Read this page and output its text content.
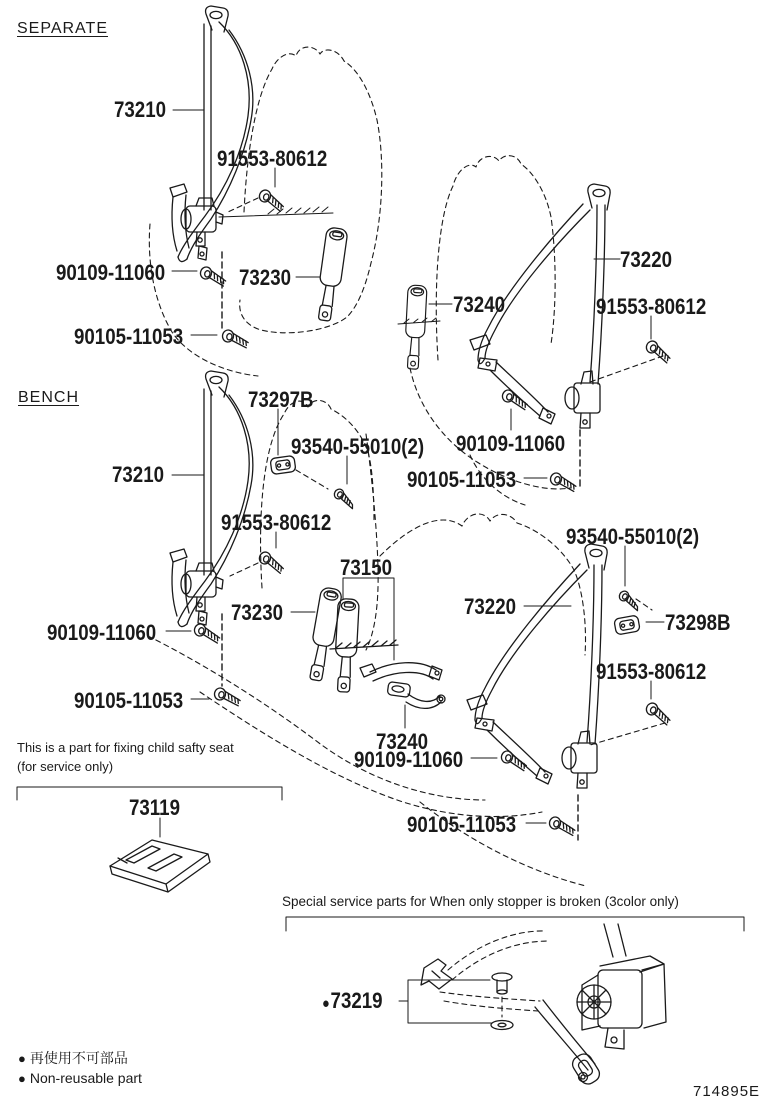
SEPARATE
BENCH
73210
91553-80612
90109-11060	73230
90105-11053
73220
73240	91553-80612
90109-11060
90105-11053
73297B
93540-55010(2)
73210
91553-80612
73150
73230
90109-11060
90105-11053
73220
93540-55010(2)
73298B
91553-80612
73240
90109-11060
90105-11053
This is a part for fixing child safty seat
(for service only)
73119
Special service parts for When only stopper is broken (3color only)
●73219
● 再使用不可部品
● Non-reusable part
714895E
